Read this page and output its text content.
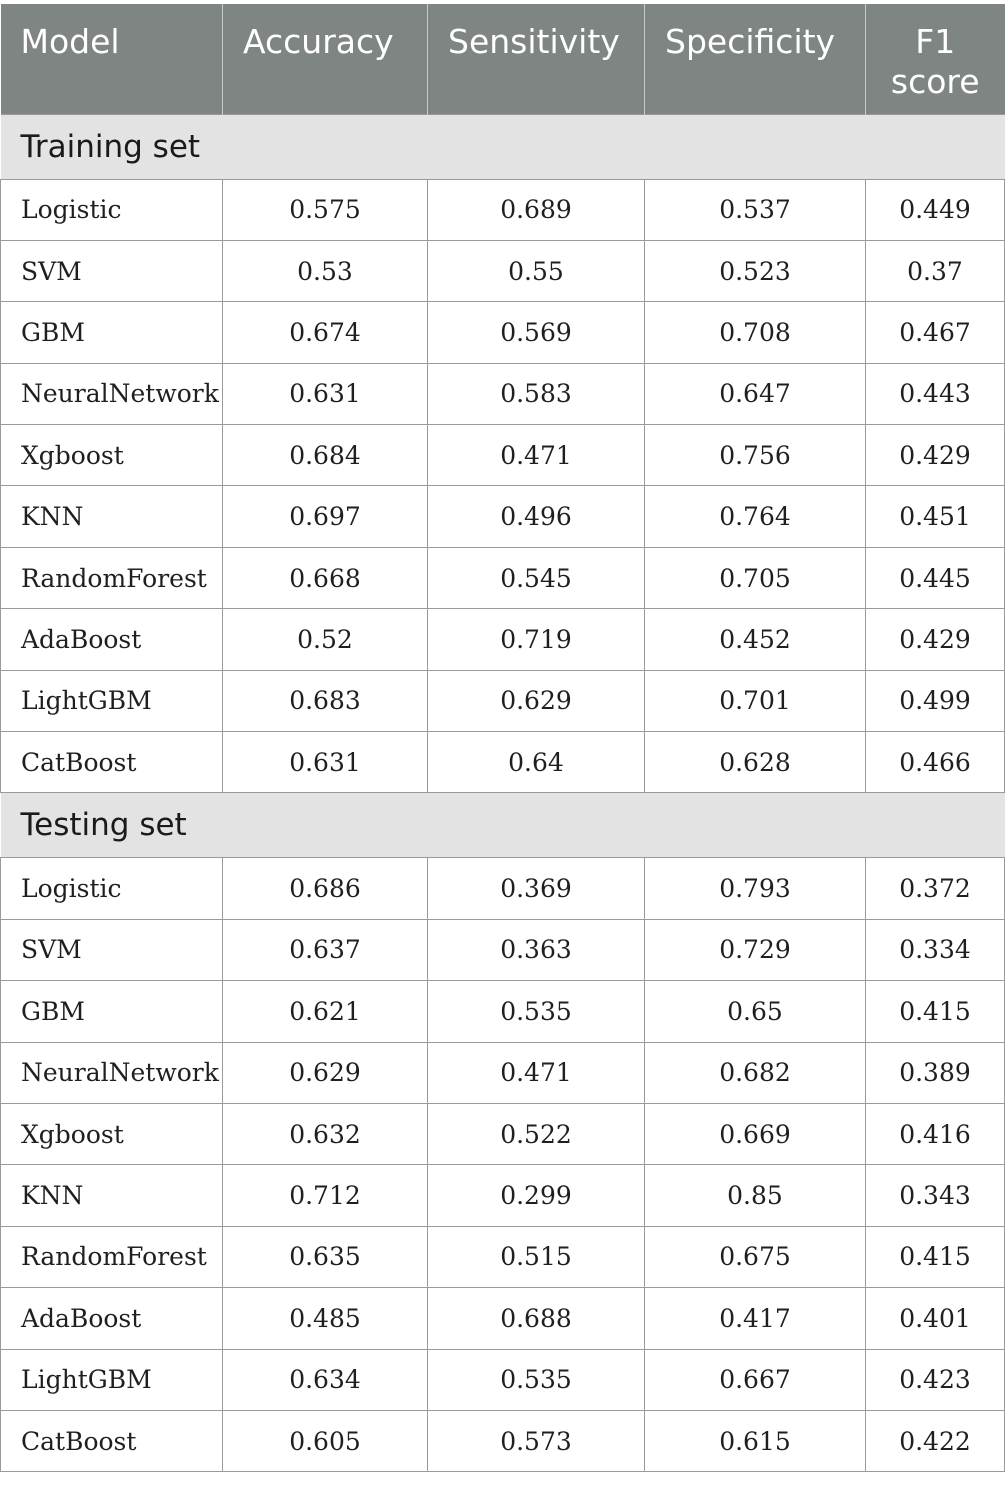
Model	Accuracy	Sensitivity	Specificity	F1 score
Training set				
Logistic	0.575	0.689	0.537	0.449
SVM	0.53	0.55	0.523	0.37
GBM	0.674	0.569	0.708	0.467
NeuralNetwork	0.631	0.583	0.647	0.443
Xgboost	0.684	0.471	0.756	0.429
KNN	0.697	0.496	0.764	0.451
RandomForest	0.668	0.545	0.705	0.445
AdaBoost	0.52	0.719	0.452	0.429
LightGBM	0.683	0.629	0.701	0.499
CatBoost	0.631	0.64	0.628	0.466
Testing set				
Logistic	0.686	0.369	0.793	0.372
SVM	0.637	0.363	0.729	0.334
GBM	0.621	0.535	0.65	0.415
NeuralNetwork	0.629	0.471	0.682	0.389
Xgboost	0.632	0.522	0.669	0.416
KNN	0.712	0.299	0.85	0.343
RandomForest	0.635	0.515	0.675	0.415
AdaBoost	0.485	0.688	0.417	0.401
LightGBM	0.634	0.535	0.667	0.423
CatBoost	0.605	0.573	0.615	0.422
